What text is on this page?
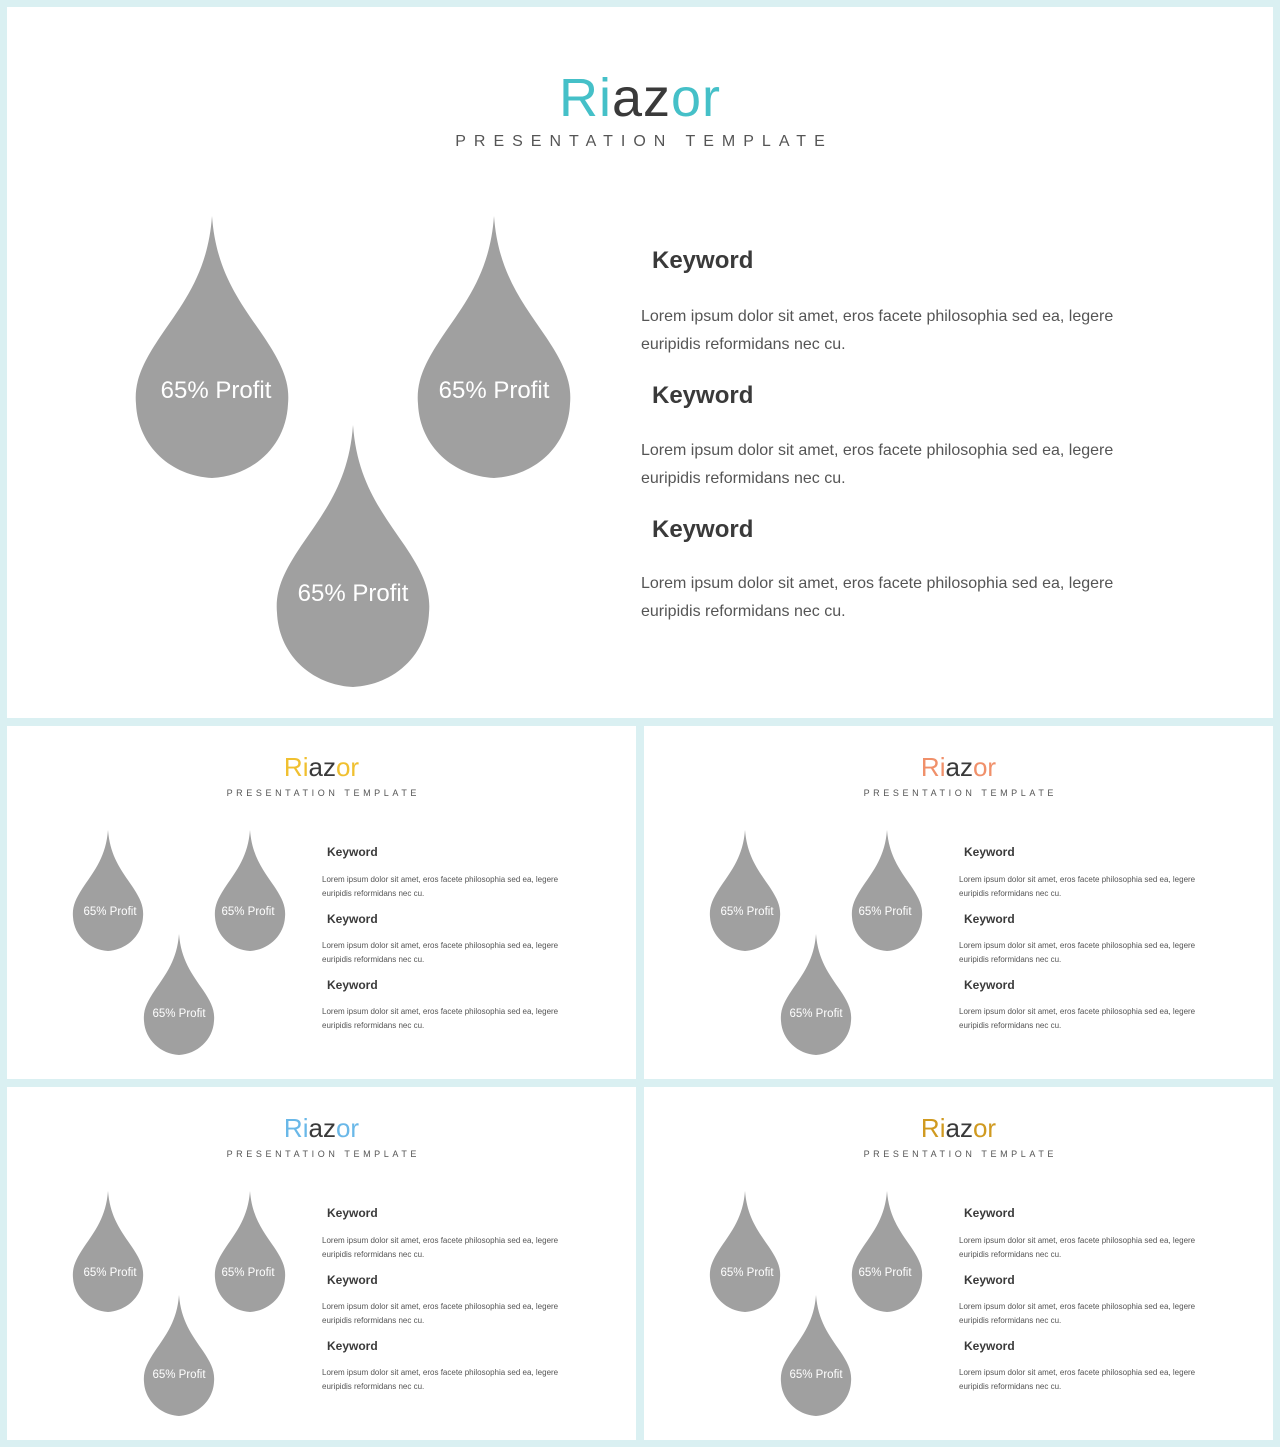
Riazor
PRESENTATION TEMPLATE
65% Profit	65% Profit
65% Profit

Keyword

Lorem ipsum dolor sit amet, eros facete philosophia sed ea, legere euripidis reformidans nec cu.

Keyword

Lorem ipsum dolor sit amet, eros facete philosophia sed ea, legere euripidis reformidans nec cu.

Keyword

Lorem ipsum dolor sit amet, eros facete philosophia sed ea, legere euripidis reformidans nec cu.

Riazor
PRESENTATION TEMPLATE
65% Profit	65% Profit
65% Profit

Keyword

Lorem ipsum dolor sit amet, eros facete philosophia sed ea, legere euripidis reformidans nec cu.

Keyword

Lorem ipsum dolor sit amet, eros facete philosophia sed ea, legere euripidis reformidans nec cu.

Keyword

Lorem ipsum dolor sit amet, eros facete philosophia sed ea, legere euripidis reformidans nec cu.

Riazor
PRESENTATION TEMPLATE
65% Profit	65% Profit
65% Profit

Keyword

Lorem ipsum dolor sit amet, eros facete philosophia sed ea, legere euripidis reformidans nec cu.

Keyword

Lorem ipsum dolor sit amet, eros facete philosophia sed ea, legere euripidis reformidans nec cu.

Keyword

Lorem ipsum dolor sit amet, eros facete philosophia sed ea, legere euripidis reformidans nec cu.

Riazor
PRESENTATION TEMPLATE
65% Profit	65% Profit
65% Profit

Keyword

Lorem ipsum dolor sit amet, eros facete philosophia sed ea, legere euripidis reformidans nec cu.

Keyword

Lorem ipsum dolor sit amet, eros facete philosophia sed ea, legere euripidis reformidans nec cu.

Keyword

Lorem ipsum dolor sit amet, eros facete philosophia sed ea, legere euripidis reformidans nec cu.

Riazor
PRESENTATION TEMPLATE
65% Profit	65% Profit
65% Profit

Keyword

Lorem ipsum dolor sit amet, eros facete philosophia sed ea, legere euripidis reformidans nec cu.

Keyword

Lorem ipsum dolor sit amet, eros facete philosophia sed ea, legere euripidis reformidans nec cu.

Keyword

Lorem ipsum dolor sit amet, eros facete philosophia sed ea, legere euripidis reformidans nec cu.
